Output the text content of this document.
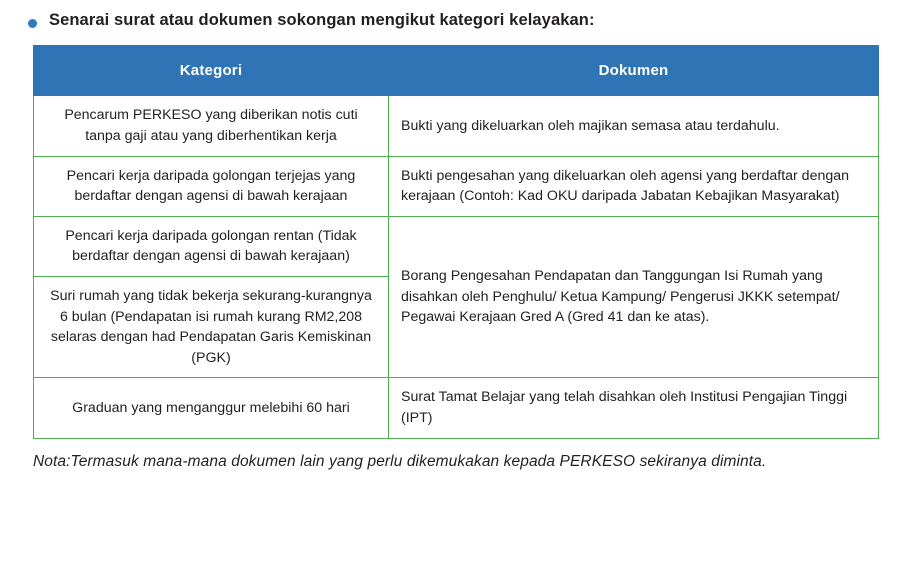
Senarai surat atau dokumen sokongan mengikut kategori kelayakan:
Kategori	Dokumen
Pencarum PERKESO yang diberikan notis cuti tanpa gaji atau yang diberhentikan kerja	Bukti yang dikeluarkan oleh majikan semasa atau terdahulu.
Pencari kerja daripada golongan terjejas yang berdaftar dengan agensi di bawah kerajaan	Bukti pengesahan yang dikeluarkan oleh agensi yang berdaftar dengan kerajaan (Contoh: Kad OKU daripada Jabatan Kebajikan Masyarakat)
Pencari kerja daripada golongan rentan (Tidak berdaftar dengan agensi di bawah kerajaan)	Borang Pengesahan Pendapatan dan Tanggungan Isi Rumah yang disahkan oleh Penghulu/ Ketua Kampung/ Pengerusi JKKK setempat/ Pegawai Kerajaan Gred A (Gred 41 dan ke atas).
Suri rumah yang tidak bekerja sekurang-kurangnya 6 bulan (Pendapatan isi rumah kurang RM2,208 selaras dengan had Pendapatan Garis Kemiskinan (PGK)	
Graduan yang menganggur melebihi 60 hari	Surat Tamat Belajar yang telah disahkan oleh Institusi Pengajian Tinggi (IPT)
Nota:Termasuk mana-mana dokumen lain yang perlu dikemukakan kepada PERKESO sekiranya diminta.
